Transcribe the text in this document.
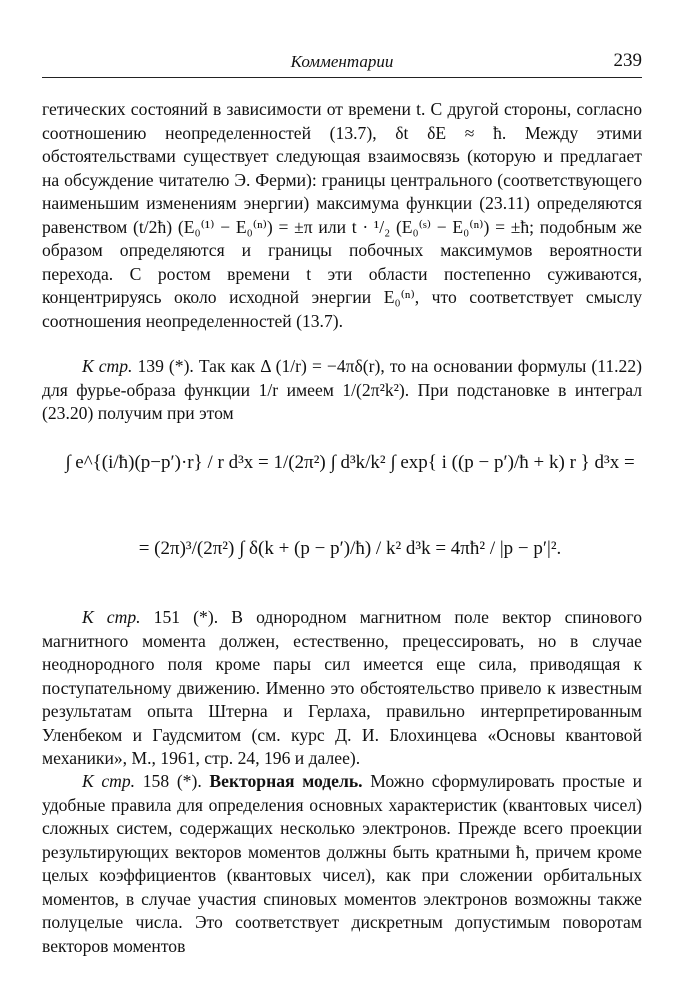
Комментарии	239

гетических состояний в зависимости от времени t. С другой стороны, согласно соотношению неопределенностей (13.7), δt δE ≈ ħ. Между этими обстоятельствами существует следующая взаимосвязь (которую и предлагает на обсуждение читателю Э. Ферми): границы центрального (соответствующего наименьшим изменениям энергии) максимума функции (23.11) определяются равенством (t/2ħ) (E₀⁽¹⁾ − E₀⁽ⁿ⁾) = ±π или t · ¹/₂ (E₀⁽ˢ⁾ − E₀⁽ⁿ⁾) = ±ħ; подобным же образом определяются и границы побочных максимумов вероятности перехода. С ростом времени t эти области постепенно суживаются, концентрируясь около исходной энергии E₀⁽ⁿ⁾, что соответствует смыслу соотношения неопределенностей (13.7).

К стр. 139 (*). Так как Δ (1/r) = −4πδ(r), то на основании формулы (11.22) для фурье-образа функции 1/r имеем 1/(2π²k²). При подстановке в интеграл (23.20) получим при этом

∫ e^{(i/ħ)(p−p′)·r} / r d³x = 1/(2π²) ∫ d³k/k² ∫ exp{ i ((p − p′)/ħ + k) r } d³x =
= (2π)³/(2π²) ∫ δ(k + (p − p′)/ħ) / k² d³k = 4πħ² / |p − p′|².

К стр. 151 (*). В однородном магнитном поле вектор спинового магнитного момента должен, естественно, прецессировать, но в случае неоднородного поля кроме пары сил имеется еще сила, приводящая к поступательному движению. Именно это обстоятельство привело к известным результатам опыта Штерна и Герлаха, правильно интерпретированным Уленбеком и Гаудсмитом (см. курс Д. И. Блохинцева «Основы квантовой механики», М., 1961, стр. 24, 196 и далее).

К стр. 158 (*). Векторная модель. Можно сформулировать простые и удобные правила для определения основных характеристик (квантовых чисел) сложных систем, содержащих несколько электронов. Прежде всего проекции результирующих векторов моментов должны быть кратными ħ, причем кроме целых коэффициентов (квантовых чисел), как при сложении орбитальных моментов, в случае участия спиновых моментов электронов возможны также полуцелые числа. Это соответствует дискретным допустимым поворотам векторов моментов
